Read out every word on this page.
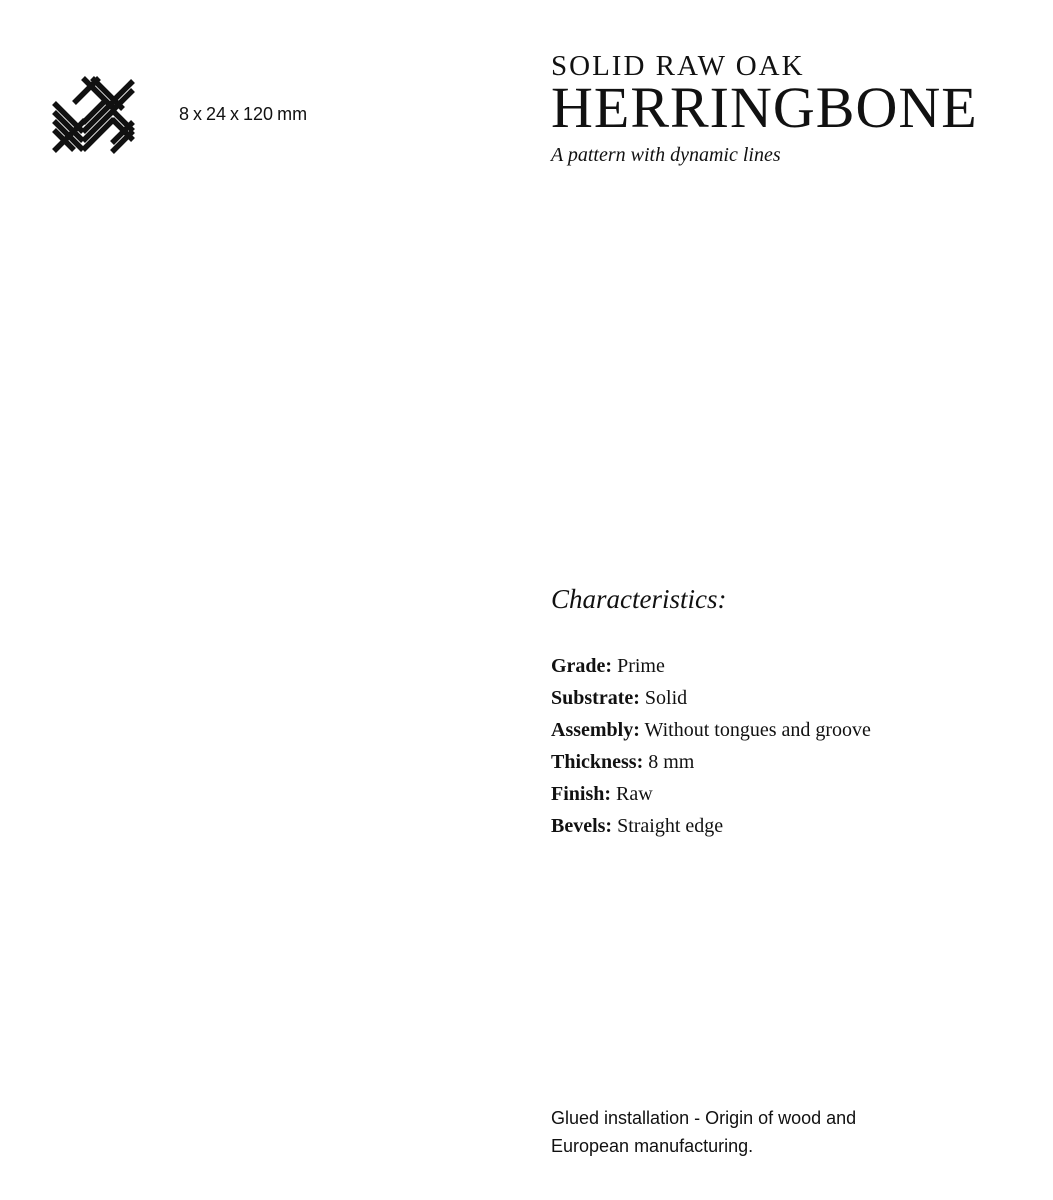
8 x 24 x 120 mm
SOLID RAW OAK
HERRINGBONE
A pattern with dynamic lines
Characteristics:
Grade: Prime
Substrate: Solid
Assembly: Without tongues and groove
Thickness: 8 mm
Finish: Raw
Bevels: Straight edge
Glued installation - Origin of wood and
European manufacturing.
